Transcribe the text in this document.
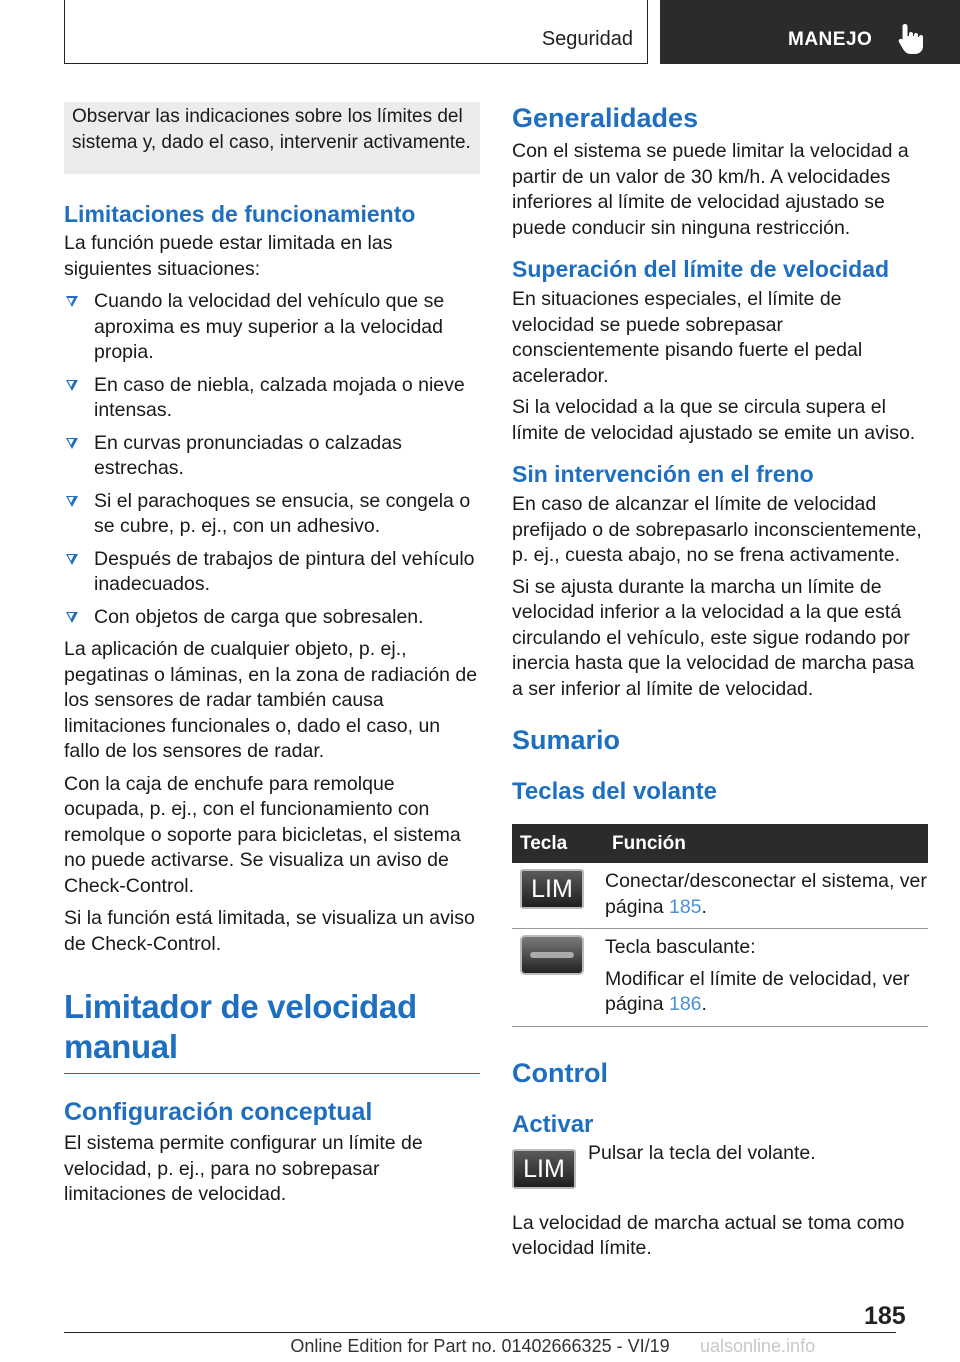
Seguridad	MANEJO

Observar las indicaciones sobre los límites del sistema y, dado el caso, intervenir activamente.

Limitaciones de funcionamiento

La función puede estar limitada en las siguientes situaciones:

Cuando la velocidad del vehículo que se aproxima es muy superior a la velocidad propia.
En caso de niebla, calzada mojada o nieve intensas.
En curvas pronunciadas o calzadas estrechas.
Si el parachoques se ensucia, se congela o se cubre, p. ej., con un adhesivo.
Después de trabajos de pintura del vehículo inadecuados.
Con objetos de carga que sobresalen.

La aplicación de cualquier objeto, p. ej., pegatinas o láminas, en la zona de radiación de los sensores de radar también causa limitaciones funcionales o, dado el caso, un fallo de los sensores de radar.

Con la caja de enchufe para remolque ocupada, p. ej., con el funcionamiento con remolque o soporte para bicicletas, el sistema no puede activarse. Se visualiza un aviso de Check-Control.

Si la función está limitada, se visualiza un aviso de Check-Control.

Limitador de velocidad manual
Configuración conceptual

El sistema permite configurar un límite de velocidad, p. ej., para no sobrepasar limitaciones de velocidad.

Generalidades

Con el sistema se puede limitar la velocidad a partir de un valor de 30 km/h. A velocidades inferiores al límite de velocidad ajustado se puede conducir sin ninguna restricción.

Superación del límite de velocidad

En situaciones especiales, el límite de velocidad se puede sobrepasar conscientemente pisando fuerte el pedal acelerador.

Si la velocidad a la que se circula supera el límite de velocidad ajustado se emite un aviso.

Sin intervención en el freno

En caso de alcanzar el límite de velocidad prefijado o de sobrepasarlo inconscientemente, p. ej., cuesta abajo, no se frena activamente.

Si se ajusta durante la marcha un límite de velocidad inferior a la velocidad a la que está circulando el vehículo, este sigue rodando por inercia hasta que la velocidad de marcha pasa a ser inferior al límite de velocidad.

Sumario
Teclas del volante
Tecla	Función

LIM	Conectar/desconectar el sistema, ver página 185.

	Tecla basculante:
Modificar el límite de velocidad, ver página 186.
Control
Activar
LIM

Pulsar la tecla del volante.

La velocidad de marcha actual se toma como velocidad límite.

185
Online Edition for Part no. 01402666325 - VI/19	ualsonline.info
